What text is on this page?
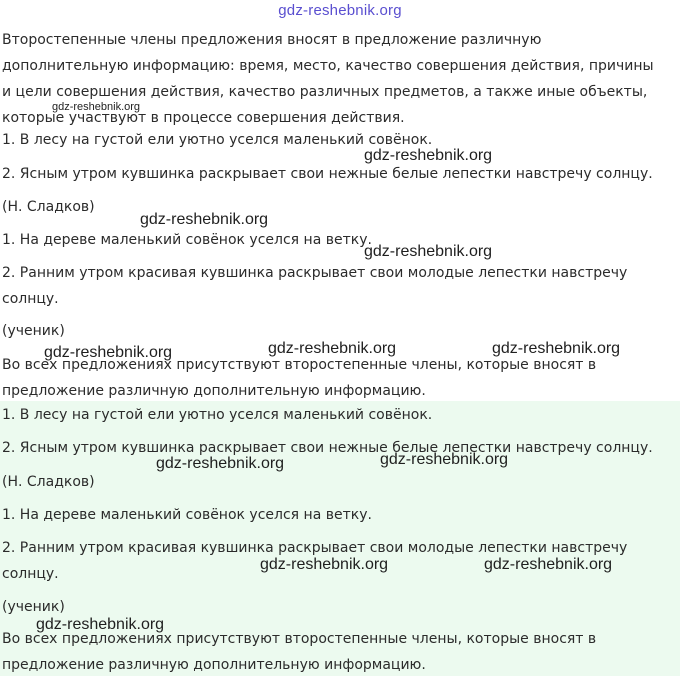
gdz-reshebnik.org
Второстепенные члены предложения вносят в предложение различную
дополнительную информацию: время, место, качество совершения действия, причины
и цели совершения действия, качество различных предметов, а также иные объекты,
которые участвуют в процессе совершения действия.
1. В лесу на густой ели уютно уселся маленький совёнок.
2. Ясным утром кувшинка раскрывает свои нежные белые лепестки навстречу солнцу.
(Н. Сладков)
1. На дереве маленький совёнок уселся на ветку.
2. Ранним утром красивая кувшинка раскрывает свои молодые лепестки навстречу
солнцу.
(ученик)
Во всех предложениях присутствуют второстепенные члены, которые вносят в
предложение различную дополнительную информацию.
1. В лесу на густой ели уютно уселся маленький совёнок.
2. Ясным утром кувшинка раскрывает свои нежные белые лепестки навстречу солнцу.
(Н. Сладков)
1. На дереве маленький совёнок уселся на ветку.
2. Ранним утром красивая кувшинка раскрывает свои молодые лепестки навстречу
солнцу.
(ученик)
Во всех предложениях присутствуют второстепенные члены, которые вносят в
предложение различную дополнительную информацию.
gdz-reshebnik.org
gdz-reshebnik.org
gdz-reshebnik.org
gdz-reshebnik.org
gdz-reshebnik.org	gdz-reshebnik.org	gdz-reshebnik.org
gdz-reshebnik.org	gdz-reshebnik.org
gdz-reshebnik.org	gdz-reshebnik.org
gdz-reshebnik.org
